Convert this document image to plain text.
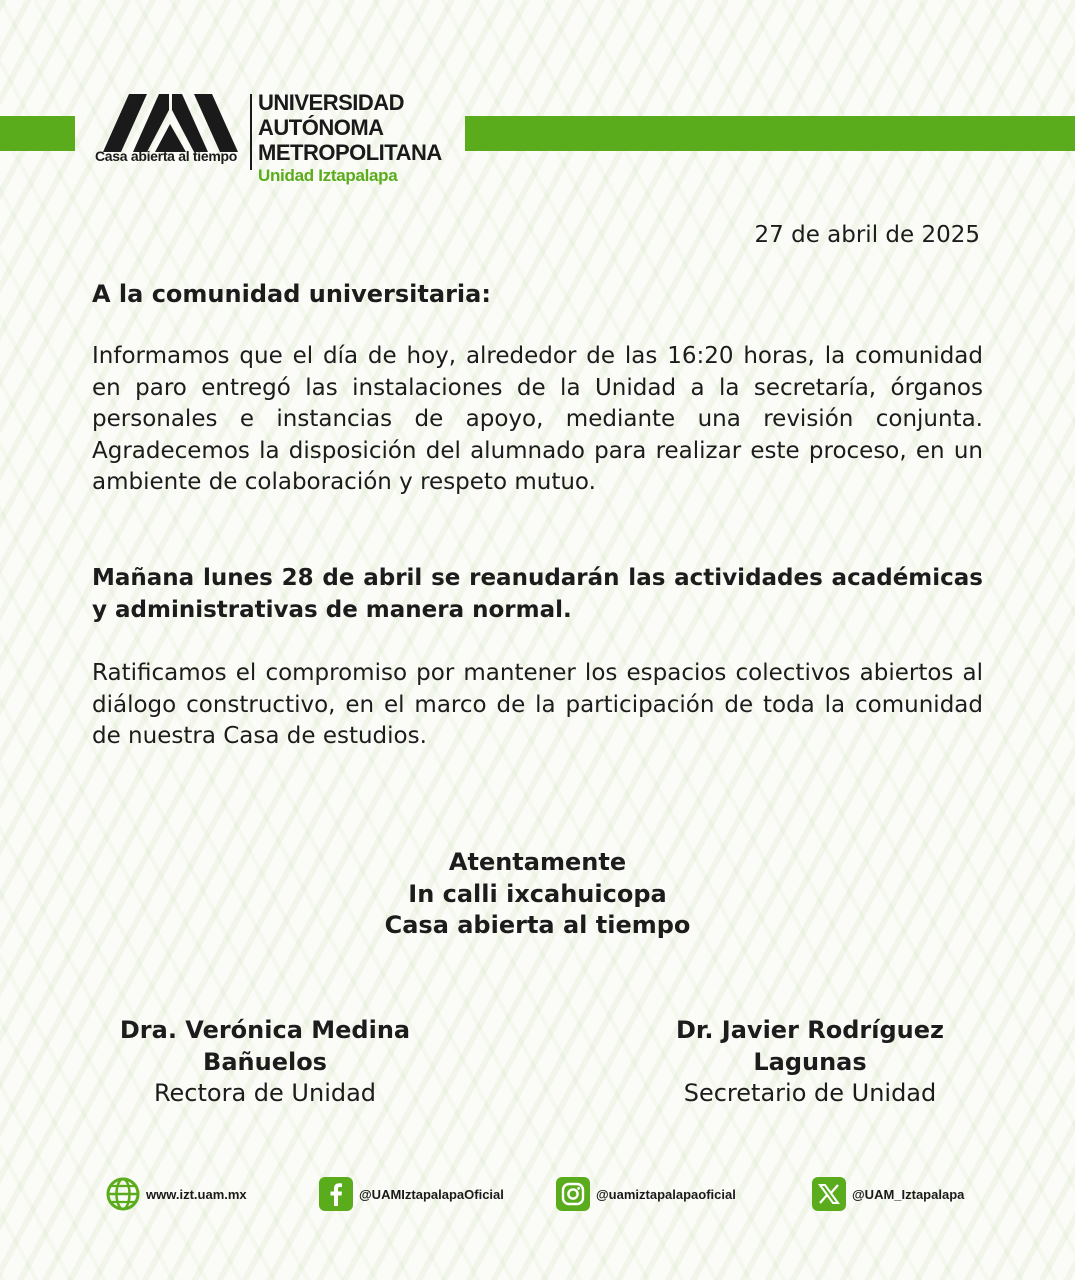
Casa abierta al tiempo
UNIVERSIDAD
AUTÓNOMA
METROPOLITANA
Unidad Iztapalapa
27 de abril de 2025
A la comunidad universitaria:
Informamos que el día de hoy, alrededor de las 16:20 horas, la comunidad en paro entregó las instalaciones de la Unidad a la secretaría, órganos personales e instancias de apoyo, mediante una revisión conjunta. Agradecemos la disposición del alumnado para realizar este proceso, en un ambiente de colaboración y respeto mutuo.
Mañana lunes 28 de abril se reanudarán las actividades académicas y administrativas de manera normal.
Ratificamos el compromiso por mantener los espacios colectivos abiertos al diálogo constructivo, en el marco de la participación de toda la comunidad de nuestra Casa de estudios.
Atentamente
In calli ixcahuicopa
Casa abierta al tiempo
Dra. Verónica Medina
Bañuelos
Rectora de Unidad
Dr. Javier Rodríguez
Lagunas
Secretario de Unidad
www.izt.uam.mx	@UAMIztapalapaOficial	@uamiztapalapaoficial	@UAM_Iztapalapa
